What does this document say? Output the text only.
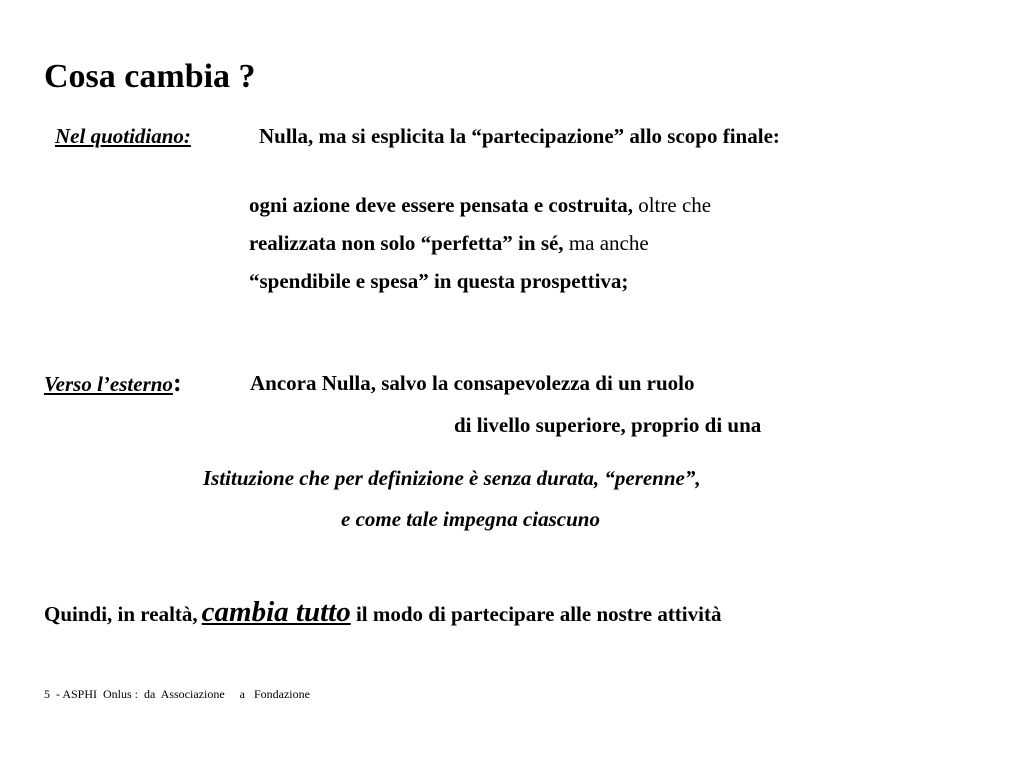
Cosa cambia ?
Nel quotidiano:	Nulla, ma si esplicita la “partecipazione” allo scopo finale:
ogni azione deve essere pensata e costruita, oltre che
realizzata non solo “perfetta” in sé, ma anche
“spendibile e spesa” in questa prospettiva;
Verso l’esterno:	Ancora Nulla, salvo la consapevolezza di un ruolo
di livello superiore, proprio di una
Istituzione che per definizione è senza durata, “perenne”,
e come tale impegna ciascuno
Quindi, in realtà, cambia tutto il modo di partecipare alle nostre attività
5  - ASPHI  Onlus :  da  Associazione     a   Fondazione
